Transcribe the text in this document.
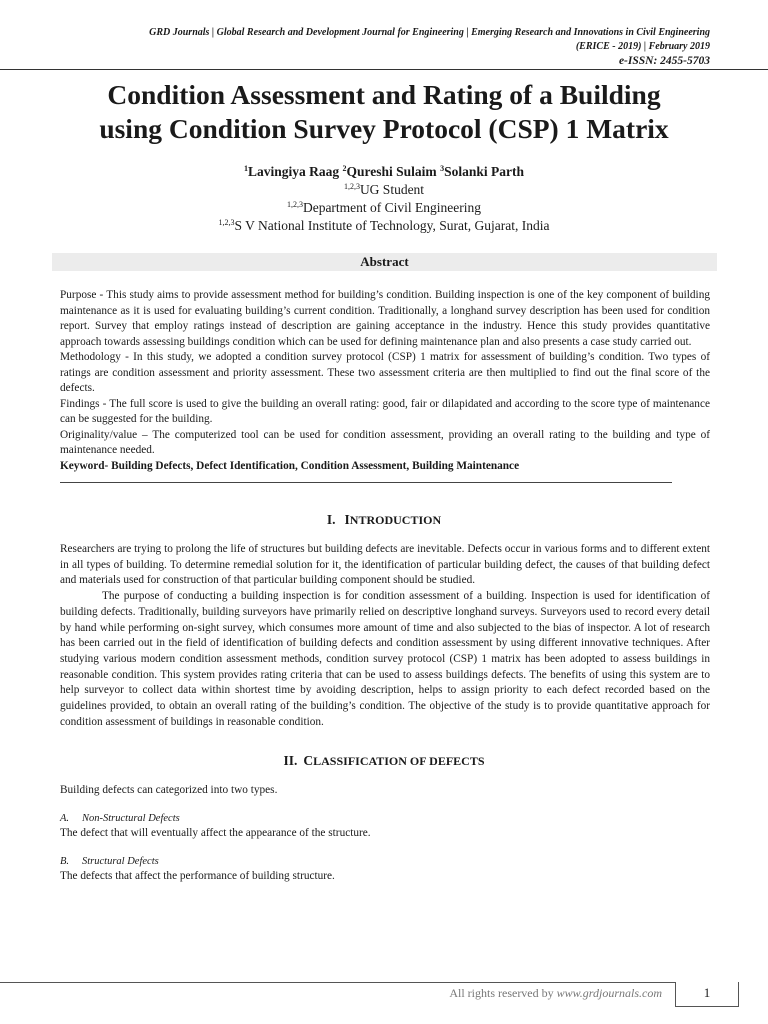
GRD Journals | Global Research and Development Journal for Engineering | Emerging Research and Innovations in Civil Engineering
(ERICE - 2019) | February 2019
e-ISSN: 2455-5703
Condition Assessment and Rating of a Building
using Condition Survey Protocol (CSP) 1 Matrix
$^1$Lavingiya Raag $^2$Qureshi Sulaim $^3$Solanki Parth
$^{1,2,3}$UG Student
$^{1,2,3}$Department of Civil Engineering
$^{1,2,3}$S V National Institute of Technology, Surat, Gujarat, India
Abstract

Purpose - This study aims to provide assessment method for building’s condition. Building inspection is one of the key component of building maintenance as it is used for evaluating building’s current condition. Traditionally, a longhand survey description has been used for condition report. Survey that employ ratings instead of description are gaining acceptance in the industry. Hence this study provides quantitative approach towards assessing buildings condition which can be used for defining maintenance plan and also presents a case study carried out.

Methodology - In this study, we adopted a condition survey protocol (CSP) 1 matrix for assessment of building’s condition. Two types of ratings are condition assessment and priority assessment. These two assessment criteria are then multiplied to find out the final score of the defects.

Findings - The full score is used to give the building an overall rating: good, fair or dilapidated and according to the score type of maintenance can be suggested for the building.

Originality/value – The computerized tool can be used for condition assessment, providing an overall rating to the building and type of maintenance needed.

Keyword- Building Defects, Defect Identification, Condition Assessment, Building Maintenance

I. INTRODUCTION

Researchers are trying to prolong the life of structures but building defects are inevitable. Defects occur in various forms and to different extent in all types of building. To determine remedial solution for it, the identification of particular building defect, the causes of that building defect and materials used for construction of that particular building component should be studied.

The purpose of conducting a building inspection is for condition assessment of a building. Inspection is used for identification of building defects. Traditionally, building surveyors have primarily relied on descriptive longhand surveys. Surveyors used to record every detail by hand while performing on-sight survey, which consumes more amount of time and also subjected to the bias of inspector. A lot of research has been carried out in the field of identification of building defects and condition assessment by using different innovative techniques. After studying various modern condition assessment methods, condition survey protocol (CSP) 1 matrix has been adopted to assess buildings in reasonable condition. This system provides rating criteria that can be used to assess buildings defects. The benefits of using this system are to help surveyor to collect data within shortest time by avoiding description, helps to assign priority to each defect recorded based on the guidelines provided, to obtain an overall rating of the building’s condition. The objective of the study is to provide quantitative approach for condition assessment of buildings in reasonable condition.

II. CLASSIFICATION OF DEFECTS
Building defects can categorized into two types.
A. Non-Structural Defects
The defect that will eventually affect the appearance of the structure.
B. Structural Defects
The defects that affect the performance of building structure.
All rights reserved by www.grdjournals.com	1
